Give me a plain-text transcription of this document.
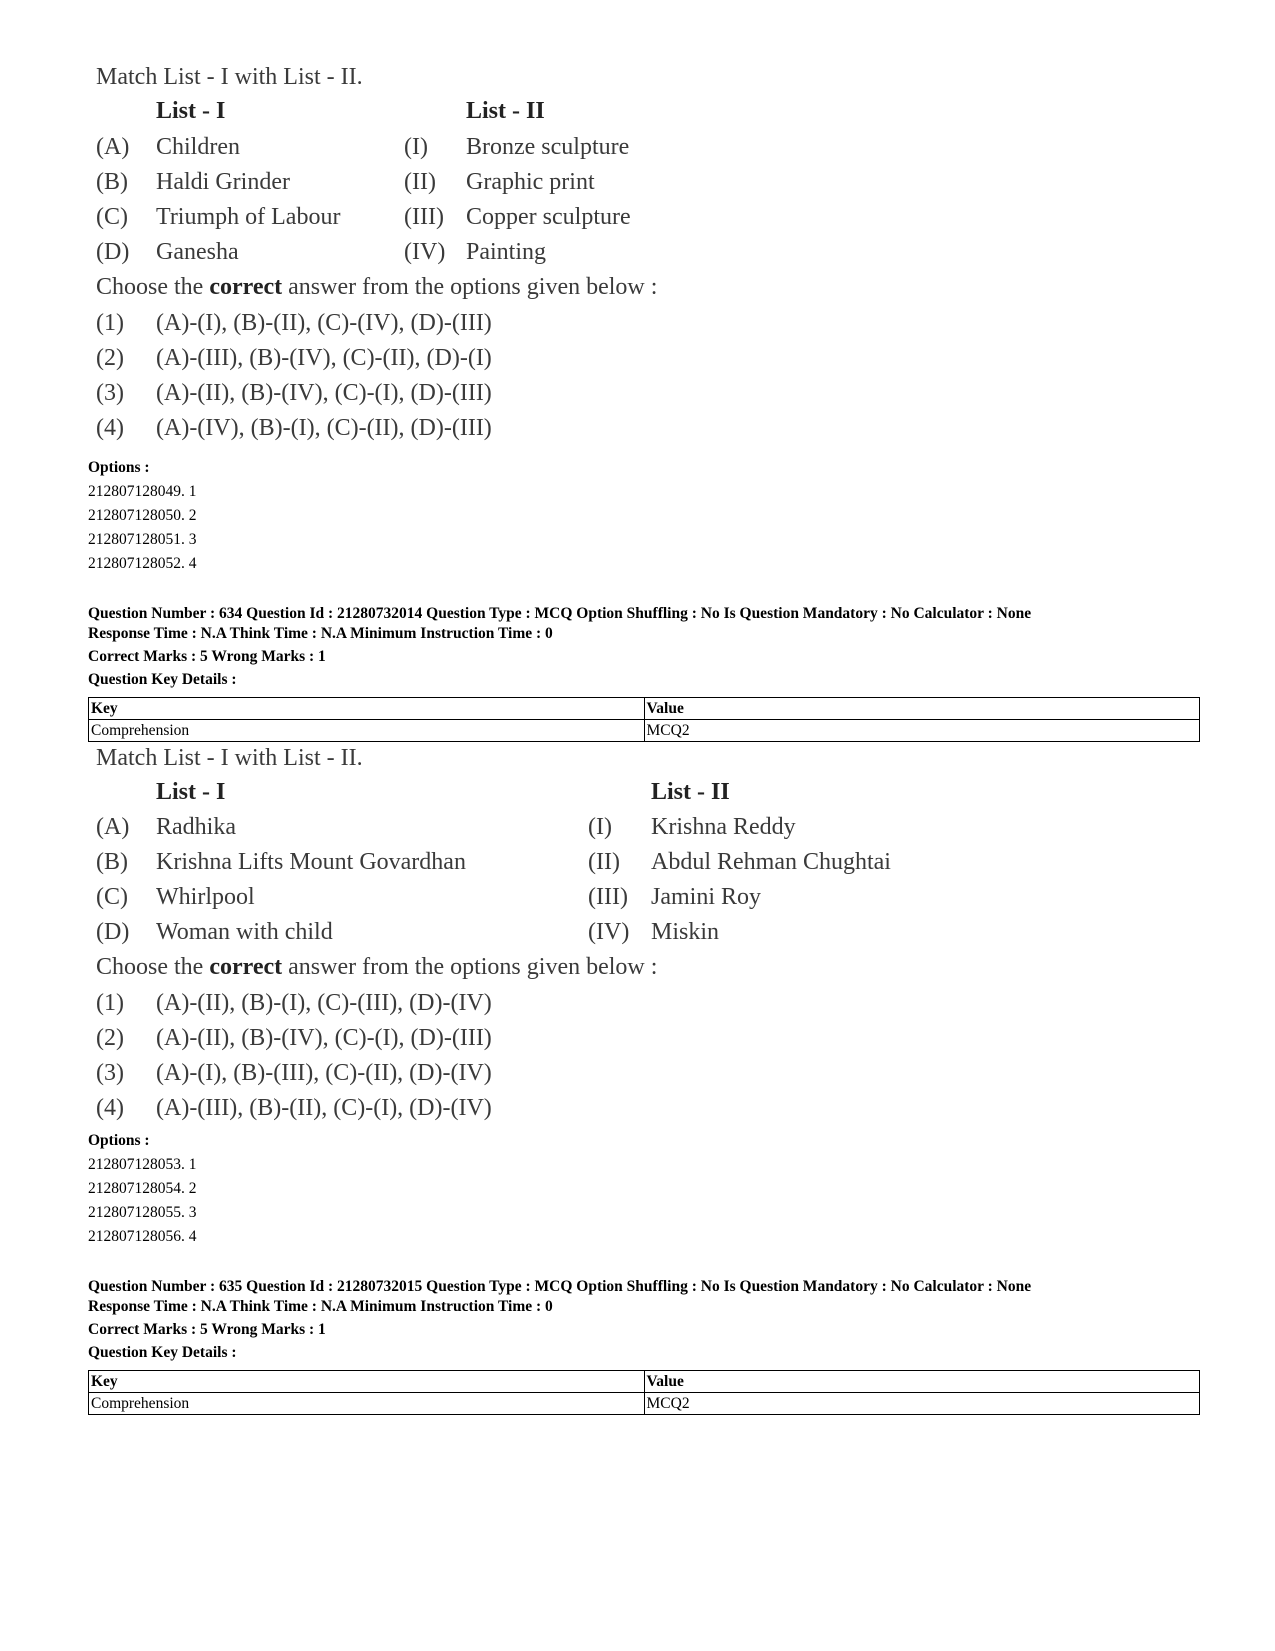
Match List - I with List - II.
List - I	List - II
(A) Children	(I) Bronze sculpture
(B) Haldi Grinder	(II) Graphic print
(C) Triumph of Labour	(III) Copper sculpture
(D) Ganesha	(IV) Painting
Choose the correct answer from the options given below :
(1) (A)-(I), (B)-(II), (C)-(IV), (D)-(III)
(2) (A)-(III), (B)-(IV), (C)-(II), (D)-(I)
(3) (A)-(II), (B)-(IV), (C)-(I), (D)-(III)
(4) (A)-(IV), (B)-(I), (C)-(II), (D)-(III)
Options :
212807128049. 1
212807128050. 2
212807128051. 3
212807128052. 4
Question Number : 634 Question Id : 21280732014 Question Type : MCQ Option Shuffling : No Is Question Mandatory : No Calculator : None
Response Time : N.A Think Time : N.A Minimum Instruction Time : 0
Correct Marks : 5 Wrong Marks : 1
Question Key Details :
Key	Value
Comprehension	MCQ2
Match List - I with List - II.
List - I	List - II
(A) Radhika	(I) Krishna Reddy
(B) Krishna Lifts Mount Govardhan	(II) Abdul Rehman Chughtai
(C) Whirlpool	(III) Jamini Roy
(D) Woman with child	(IV) Miskin
Choose the correct answer from the options given below :
(1) (A)-(II), (B)-(I), (C)-(III), (D)-(IV)
(2) (A)-(II), (B)-(IV), (C)-(I), (D)-(III)
(3) (A)-(I), (B)-(III), (C)-(II), (D)-(IV)
(4) (A)-(III), (B)-(II), (C)-(I), (D)-(IV)
Options :
212807128053. 1
212807128054. 2
212807128055. 3
212807128056. 4
Question Number : 635 Question Id : 21280732015 Question Type : MCQ Option Shuffling : No Is Question Mandatory : No Calculator : None
Response Time : N.A Think Time : N.A Minimum Instruction Time : 0
Correct Marks : 5 Wrong Marks : 1
Question Key Details :
Key	Value
Comprehension	MCQ2
